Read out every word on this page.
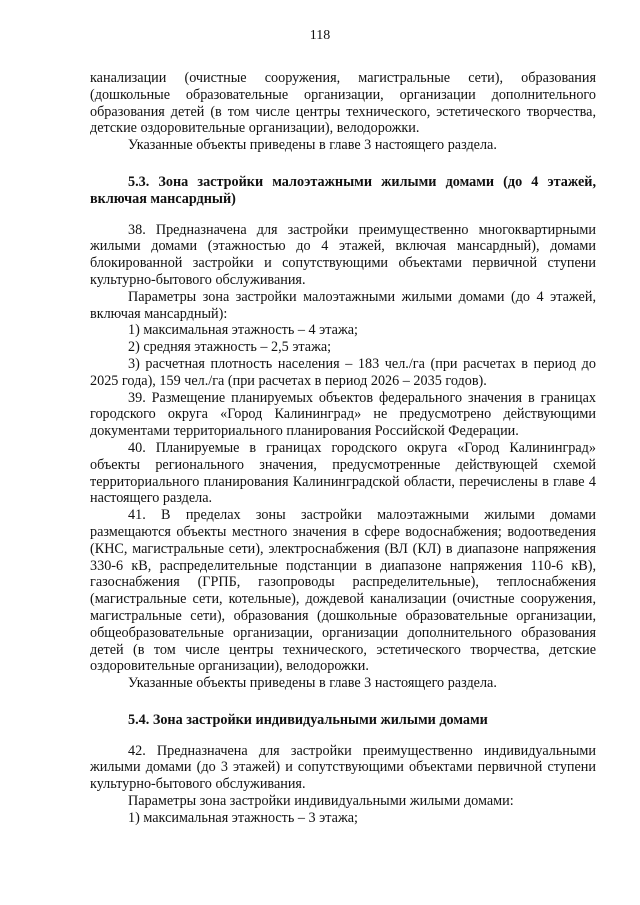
118

канализации (очистные сооружения, магистральные сети), образования (дошкольные образовательные организации, организации дополнительного образования детей (в том числе центры технического, эстетического творчества, детские оздоровительные организации), велодорожки.

Указанные объекты приведены в главе 3 настоящего раздела.

5.3. Зона застройки малоэтажными жилыми домами (до 4 этажей, включая мансардный)

38. Предназначена для застройки преимущественно многоквартирными жилыми домами (этажностью до 4 этажей, включая мансардный), домами блокированной застройки и сопутствующими объектами первичной ступени культурно-бытового обслуживания.

Параметры зона застройки малоэтажными жилыми домами (до 4 этажей, включая мансардный):

1) максимальная этажность – 4 этажа;

2) средняя этажность – 2,5 этажа;

3) расчетная плотность населения – 183 чел./га (при расчетах в период до 2025 года), 159 чел./га (при расчетах в период 2026 – 2035 годов).

39. Размещение планируемых объектов федерального значения в границах городского округа «Город Калининград» не предусмотрено действующими документами территориального планирования Российской Федерации.

40. Планируемые в границах городского округа «Город Калининград» объекты регионального значения, предусмотренные действующей схемой территориального планирования Калининградской области, перечислены в главе 4 настоящего раздела.

41. В пределах зоны застройки малоэтажными жилыми домами размещаются объекты местного значения в сфере водоснабжения; водоотведения (КНС, магистральные сети), электроснабжения (ВЛ (КЛ) в диапазоне напряжения 330-6 кВ, распределительные подстанции в диапазоне напряжения 110-6 кВ), газоснабжения (ГРПБ, газопроводы распределительные), теплоснабжения (магистральные сети, котельные), дождевой канализации (очистные сооружения, магистральные сети), образования (дошкольные образовательные организации, общеобразовательные организации, организации дополнительного образования детей (в том числе центры технического, эстетического творчества, детские оздоровительные организации), велодорожки.

Указанные объекты приведены в главе 3 настоящего раздела.

5.4. Зона застройки индивидуальными жилыми домами

42. Предназначена для застройки преимущественно индивидуальными жилыми домами (до 3 этажей) и сопутствующими объектами первичной ступени культурно-бытового обслуживания.

Параметры зона застройки индивидуальными жилыми домами:

1) максимальная этажность – 3 этажа;
